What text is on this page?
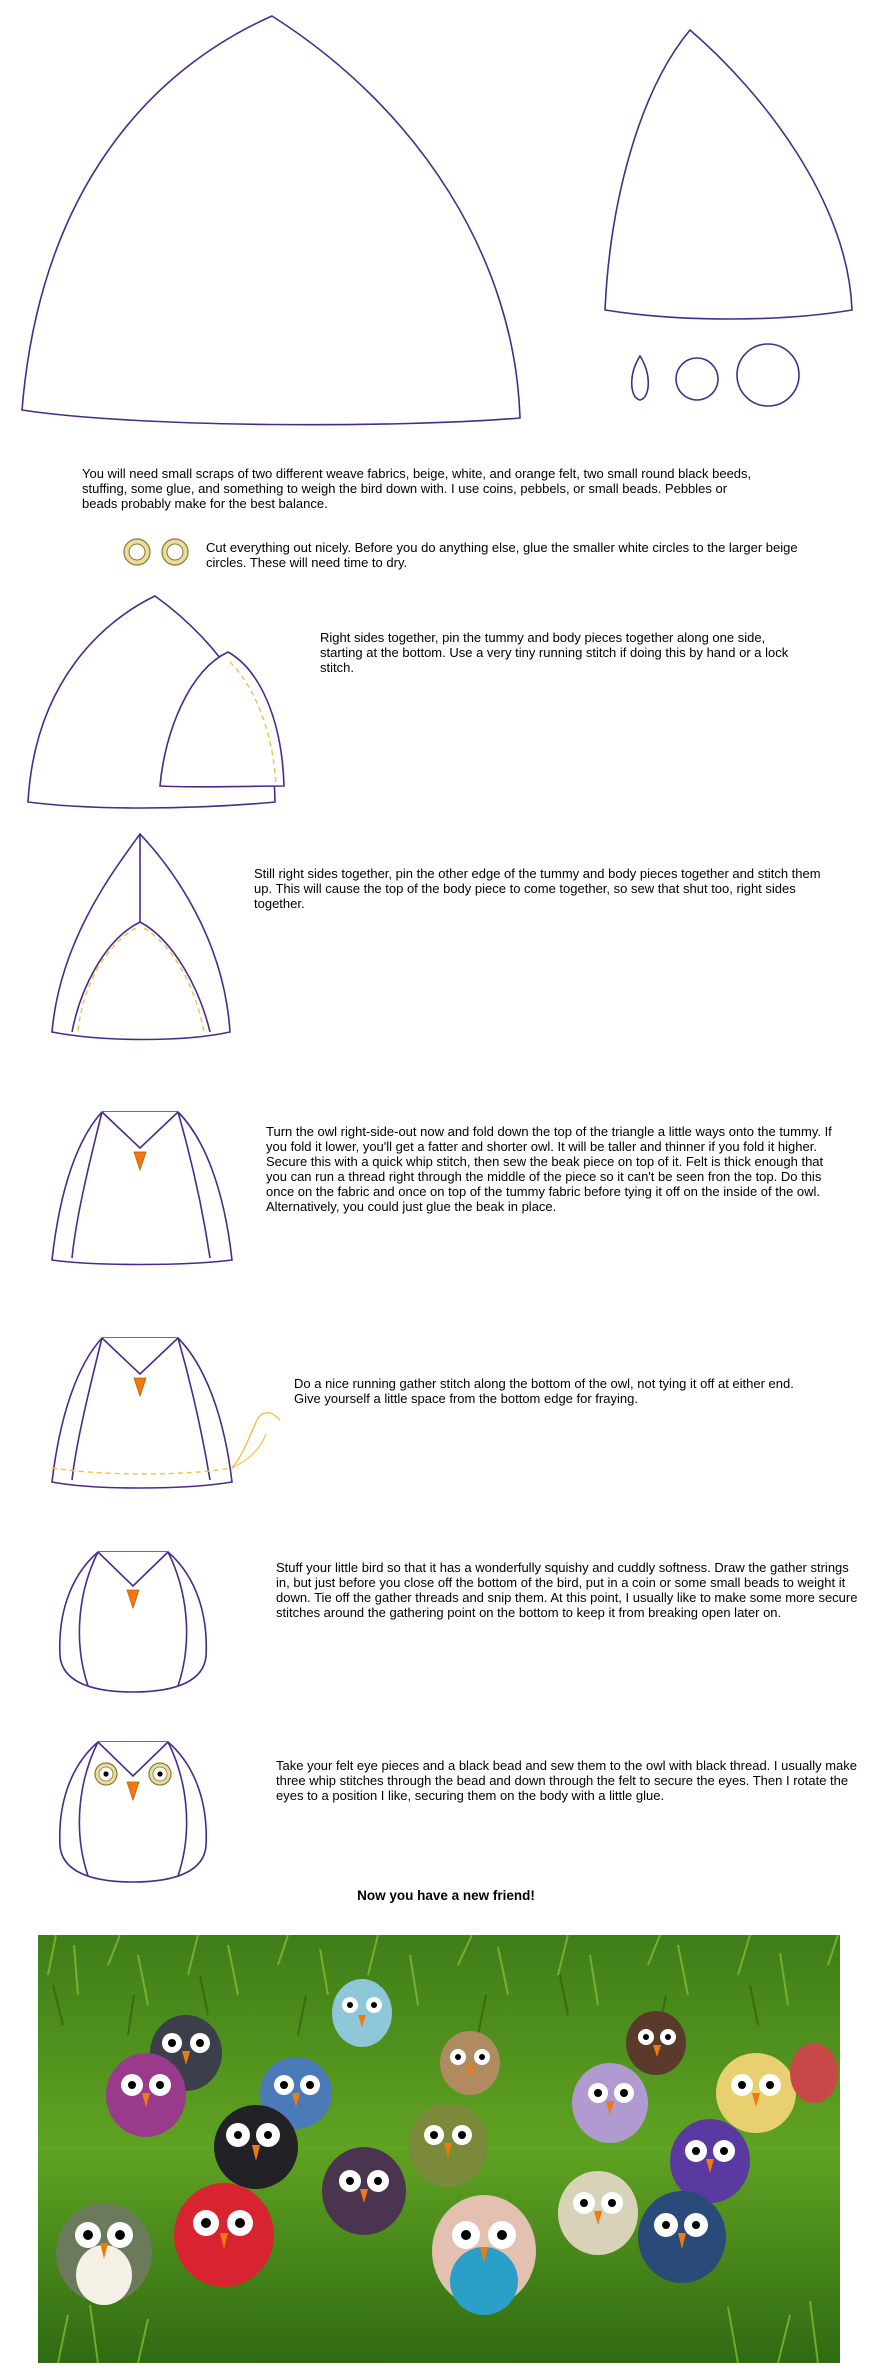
You will need small scraps of two different weave fabrics, beige, white, and orange felt, two small round black beeds, stuffing, some glue, and something to weigh the bird down with. I use coins, pebbels, or small beads. Pebbles or beads probably make for the best balance.
Cut everything out nicely. Before you do anything else, glue the smaller white circles to the larger beige circles. These will need time to dry.
Right sides together, pin the tummy and body pieces together along one side, starting at the bottom. Use a very tiny running stitch if doing this by hand or a lock stitch.
Still right sides together, pin the other edge of the tummy and body pieces together and stitch them up. This will cause the top of the body piece to come together, so sew that shut too, right sides together.
Turn the owl right-side-out now and fold down the top of the triangle a little ways onto the tummy. If you fold it lower, you'll get a fatter and shorter owl. It will be taller and thinner if you fold it higher. Secure this with a quick whip stitch, then sew the beak piece on top of it. Felt is thick enough that you can run a thread right through the middle of the piece so it can't be seen fron the top. Do this once on the fabric and once on top of the tummy fabric before tying it off on the inside of the owl. Alternatively, you could just glue the beak in place.
Do a nice running gather stitch along the bottom of the owl, not tying it off at either end. Give yourself a little space from the bottom edge for fraying.
Stuff your little bird so that it has a wonderfully squishy and cuddly softness. Draw the gather strings in, but just before you close off the bottom of the bird, put in a coin or some small beads to weight it down. Tie off the gather threads and snip them. At this point, I usually like to make some more secure stitches around the gathering point on the bottom to keep it from breaking open later on.
Take your felt eye pieces and a black bead and sew them to the owl with black thread. I usually make three whip stitches through the bead and down through the felt to secure the eyes. Then I rotate the eyes to a position I like, securing them on the body with a little glue.
Now you have a new friend!
